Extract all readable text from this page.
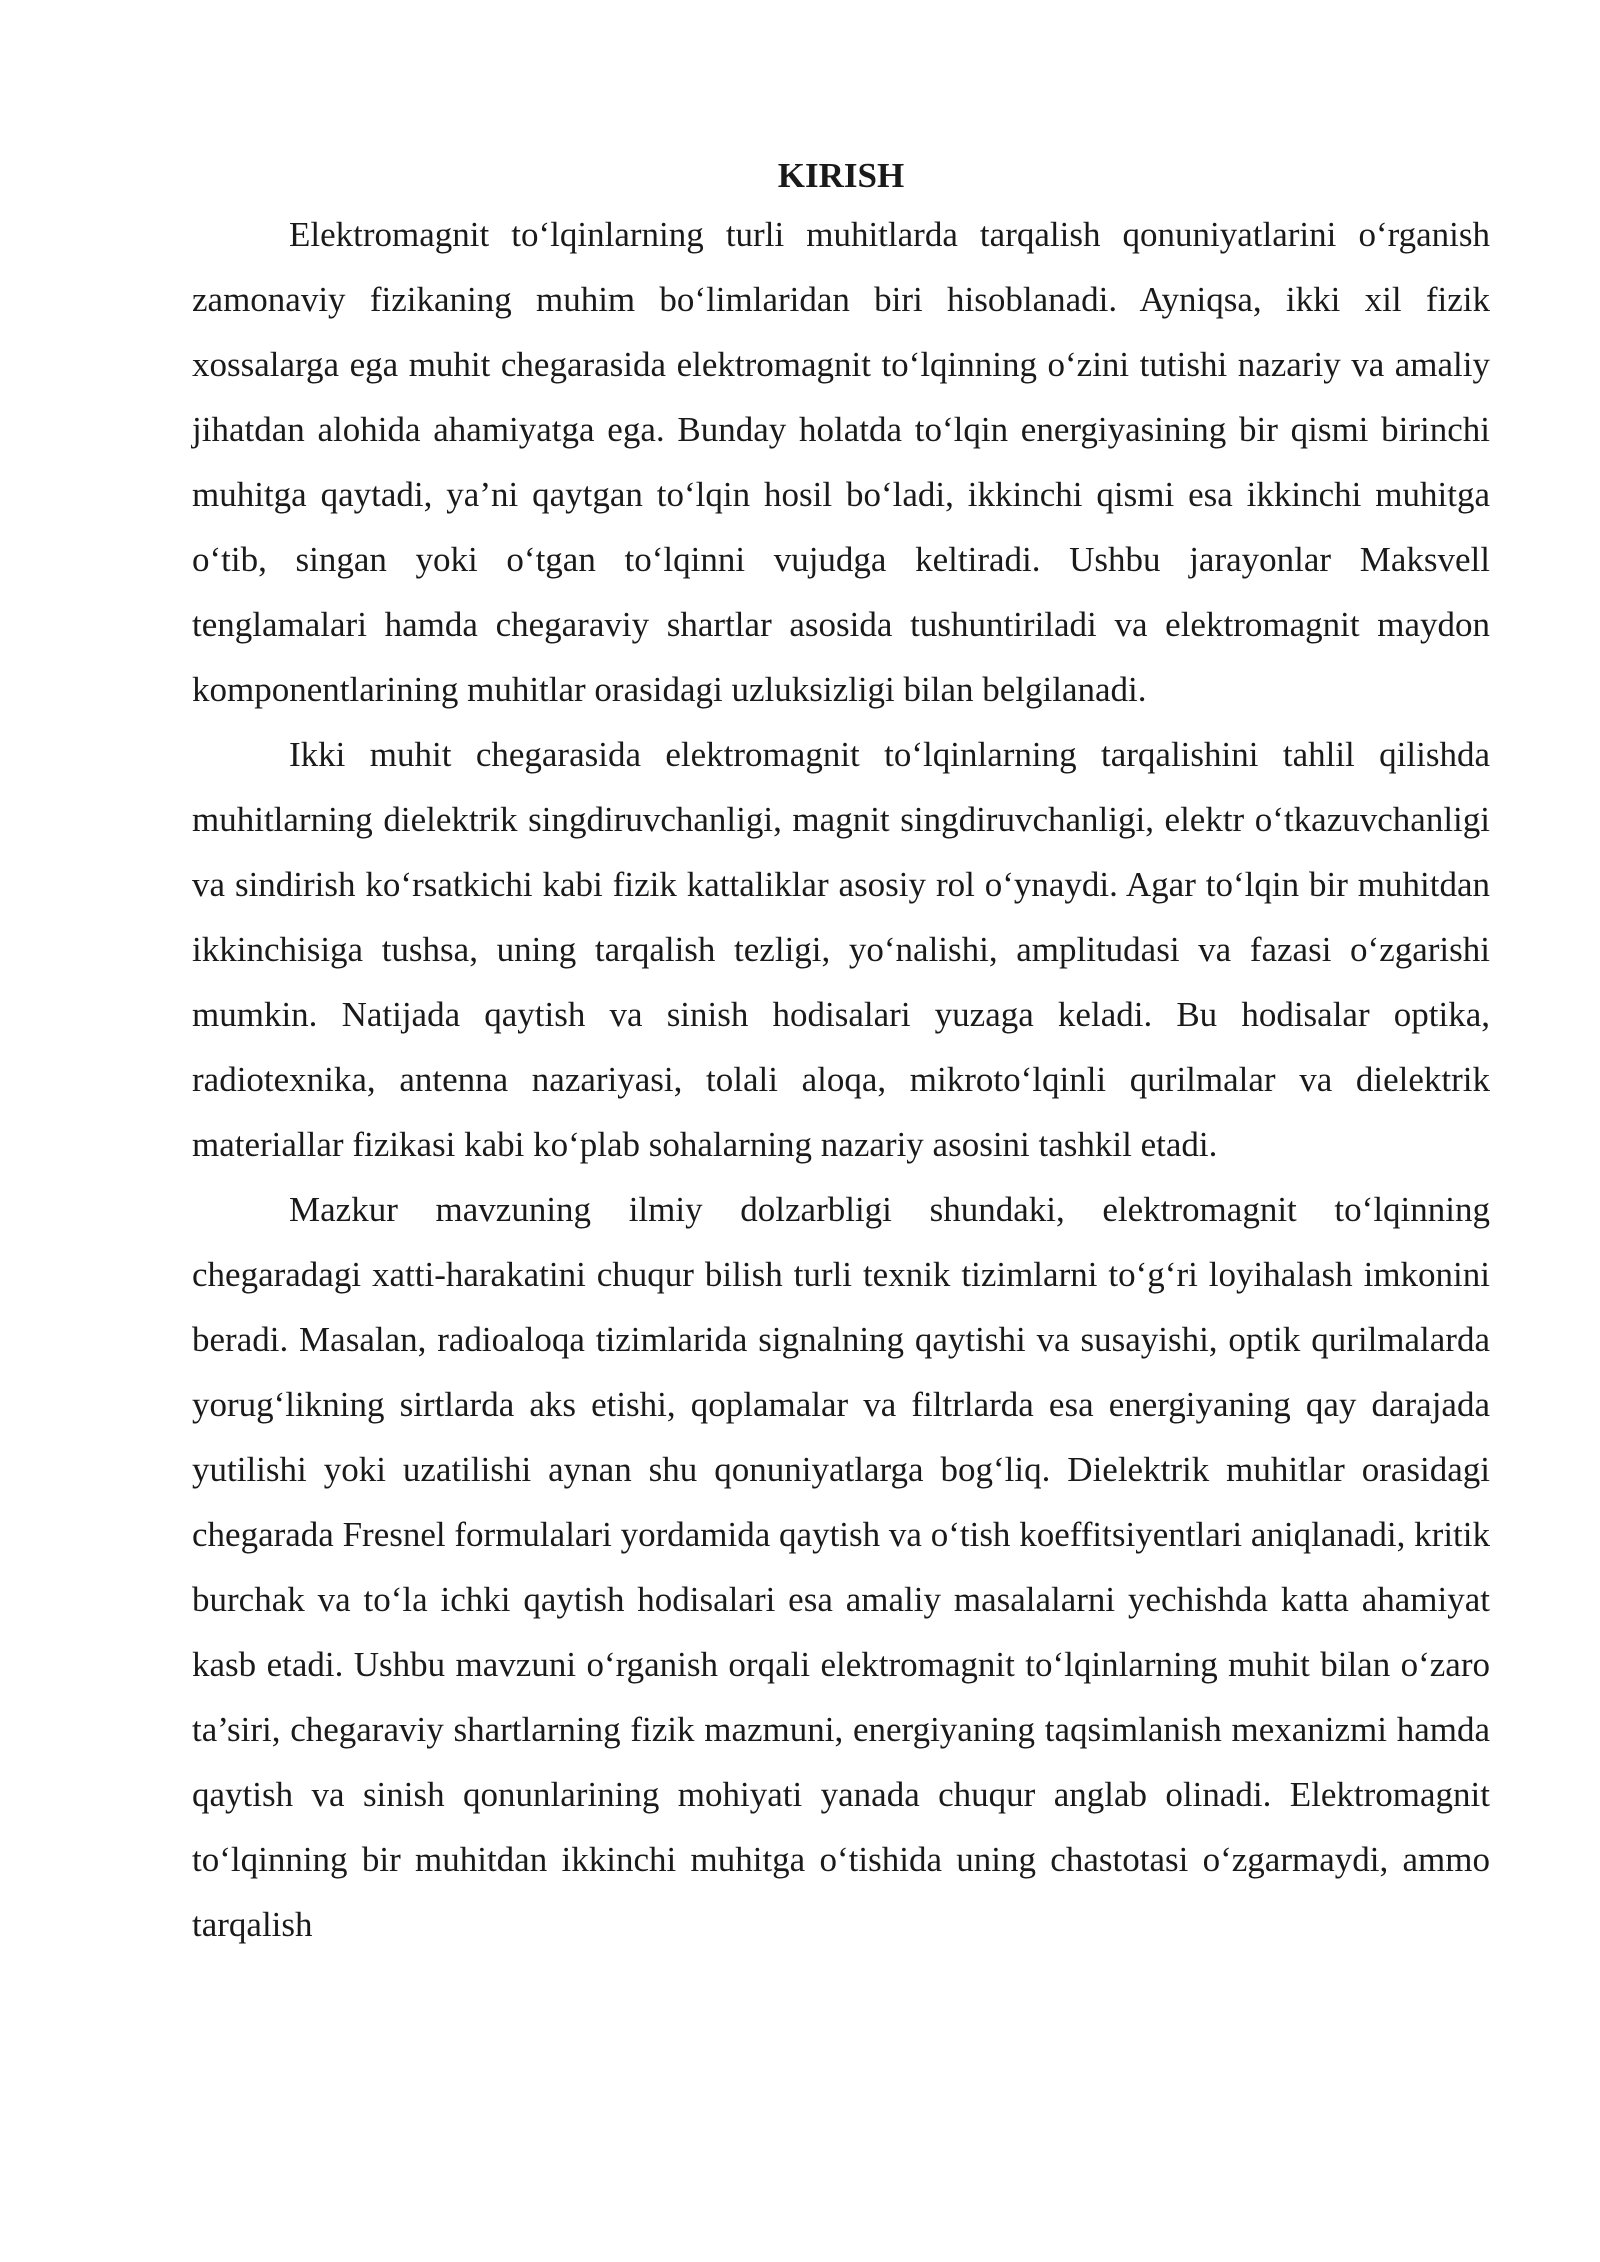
KIRISH

Elektromagnit to‘lqinlarning turli muhitlarda tarqalish qonuniyatlarini o‘rganish zamonaviy fizikaning muhim bo‘limlaridan biri hisoblanadi. Ayniqsa, ikki xil fizik xossalarga ega muhit chegarasida elektromagnit to‘lqinning o‘zini tutishi nazariy va amaliy jihatdan alohida ahamiyatga ega. Bunday holatda to‘lqin energiyasining bir qismi birinchi muhitga qaytadi, ya’ni qaytgan to‘lqin hosil bo‘ladi, ikkinchi qismi esa ikkinchi muhitga o‘tib, singan yoki o‘tgan to‘lqinni vujudga keltiradi. Ushbu jarayonlar Maksvell tenglamalari hamda chegaraviy shartlar asosida tushuntiriladi va elektromagnit maydon komponentlarining muhitlar orasidagi uzluksizligi bilan belgilanadi.

Ikki muhit chegarasida elektromagnit to‘lqinlarning tarqalishini tahlil qilishda muhitlarning dielektrik singdiruvchanligi, magnit singdiruvchanligi, elektr o‘tkazuvchanligi va sindirish ko‘rsatkichi kabi fizik kattaliklar asosiy rol o‘ynaydi. Agar to‘lqin bir muhitdan ikkinchisiga tushsa, uning tarqalish tezligi, yo‘nalishi, amplitudasi va fazasi o‘zgarishi mumkin. Natijada qaytish va sinish hodisalari yuzaga keladi. Bu hodisalar optika, radiotexnika, antenna nazariyasi, tolali aloqa, mikroto‘lqinli qurilmalar va dielektrik materiallar fizikasi kabi ko‘plab sohalarning nazariy asosini tashkil etadi.

Mazkur mavzuning ilmiy dolzarbligi shundaki, elektromagnit to‘lqinning chegaradagi xatti-harakatini chuqur bilish turli texnik tizimlarni to‘g‘ri loyihalash imkonini beradi. Masalan, radioaloqa tizimlarida signalning qaytishi va susayishi, optik qurilmalarda yorug‘likning sirtlarda aks etishi, qoplamalar va filtrlarda esa energiyaning qay darajada yutilishi yoki uzatilishi aynan shu qonuniyatlarga bog‘liq. Dielektrik muhitlar orasidagi chegarada Fresnel formulalari yordamida qaytish va o‘tish koeffitsiyentlari aniqlanadi, kritik burchak va to‘la ichki qaytish hodisalari esa amaliy masalalarni yechishda katta ahamiyat kasb etadi. Ushbu mavzuni o‘rganish orqali elektromagnit to‘lqinlarning muhit bilan o‘zaro ta’siri, chegaraviy shartlarning fizik mazmuni, energiyaning taqsimlanish mexanizmi hamda qaytish va sinish qonunlarining mohiyati yanada chuqur anglab olinadi. Elektromagnit to‘lqinning bir muhitdan ikkinchi muhitga o‘tishida uning chastotasi o‘zgarmaydi, ammo tarqalish
